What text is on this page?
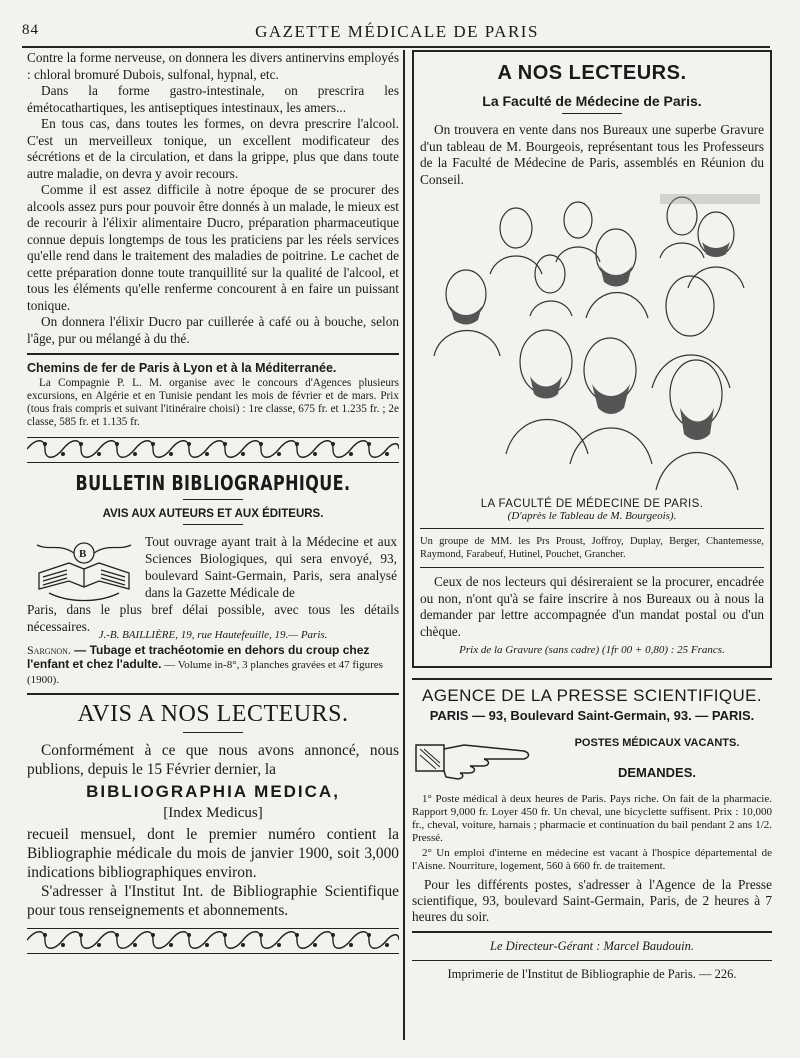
84	GAZETTE MÉDICALE DE PARIS

Contre la forme nerveuse, on donnera les divers antinervins employés : chloral bromuré Dubois, sulfonal, hypnal, etc.

Dans la forme gastro-intestinale, on prescrira les émétocathartiques, les antiseptiques intestinaux, les amers...

En tous cas, dans toutes les formes, on devra prescrire l'alcool. C'est un merveilleux tonique, un excellent modificateur des sécrétions et de la circulation, et dans la grippe, plus que dans toute autre maladie, on devra y avoir recours.

Comme il est assez difficile à notre époque de se procurer des alcools assez purs pour pouvoir être donnés à un malade, le mieux est de recourir à l'élixir alimentaire Ducro, préparation pharmaceutique connue depuis longtemps de tous les praticiens par les réels services qu'elle rend dans le traitement des maladies de poitrine. Le cachet de cette préparation donne toute tranquillité sur la qualité de l'alcool, et tous les éléments qu'elle renferme concourent à en faire un puissant tonique.

On donnera l'élixir Ducro par cuillerée à café ou à bouche, selon l'âge, pur ou mélangé à du thé.

Chemins de fer de Paris à Lyon et à la Méditerranée.

La Compagnie P. L. M. organise avec le concours d'Agences plusieurs excursions, en Algérie et en Tunisie pendant les mois de février et de mars. Prix (tous frais compris et suivant l'itinéraire choisi) : 1re classe, 675 fr. et 1.235 fr. ; 2e classe, 585 fr. et 1.135 fr.

BULLETIN BIBLIOGRAPHIQUE.
AVIS AUX AUTEURS ET AUX ÉDITEURS.
B

Tout ouvrage ayant trait à la Médecine et aux Sciences Biologiques, qui sera envoyé, 93, boulevard Saint-Germain, Paris, sera analysé dans la Gazette Médicale de

Paris, dans le plus bref délai possible, avec tous les détails nécessaires.

J.-B. BAILLIÈRE, 19, rue Hautefeuille, 19.— Paris.

Sargnon. — Tubage et trachéotomie en dehors du croup chez l'enfant et chez l'adulte. — Volume in-8°, 3 planches gravées et 47 figures (1900).

AVIS A NOS LECTEURS.

Conformément à ce que nous avons annoncé, nous publions, depuis le 15 Février dernier, la

BIBLIOGRAPHIA MEDICA,
[Index Medicus]

recueil mensuel, dont le premier numéro contient la Bibliographie médicale du mois de janvier 1900, soit 3,000 indications bibliographiques environ.

S'adresser à l'Institut Int. de Bibliographie Scientifique pour tous renseignements et abonnements.

A NOS LECTEURS.
La Faculté de Médecine de Paris.

On trouvera en vente dans nos Bureaux une superbe Gravure d'un tableau de M. Bourgeois, représentant tous les Professeurs de la Faculté de Médecine de Paris, assemblés en Réunion du Conseil.

LA FACULTÉ DE MÉDECINE DE PARIS.
(D'après le Tableau de M. Bourgeois).

Un groupe de MM. les Prs Proust, Joffroy, Duplay, Berger, Chantemesse, Raymond, Farabeuf, Hutinel, Pouchet, Grancher.

Ceux de nos lecteurs qui désireraient se la procurer, encadrée ou non, n'ont qu'à se faire inscrire à nos Bureaux ou à nous la demander par lettre accompagnée d'un mandat postal ou d'un chèque.

Prix de la Gravure (sans cadre) (1fr 00 + 0,80) : 25 Francs.
AGENCE DE LA PRESSE SCIENTIFIQUE.
PARIS — 93, Boulevard Saint-Germain, 93. — PARIS.
POSTES MÉDICAUX VACANTS.
DEMANDES.

1° Poste médical à deux heures de Paris. Pays riche. On fait de la pharmacie. Rapport 9,000 fr. Loyer 450 fr. Un cheval, une bicyclette suffisent. Prix : 10,000 fr., cheval, voiture, harnais ; pharmacie et continuation du bail pendant 2 ans 1/2. Pressé.

2° Un emploi d'interne en médecine est vacant à l'hospice départemental de l'Aisne. Nourriture, logement, 560 à 660 fr. de traitement.

Pour les différents postes, s'adresser à l'Agence de la Presse scientifique, 93, boulevard Saint-Germain, Paris, de 2 heures à 7 heures du soir.

Le Directeur-Gérant : Marcel Baudouin.
Imprimerie de l'Institut de Bibliographie de Paris. — 226.
